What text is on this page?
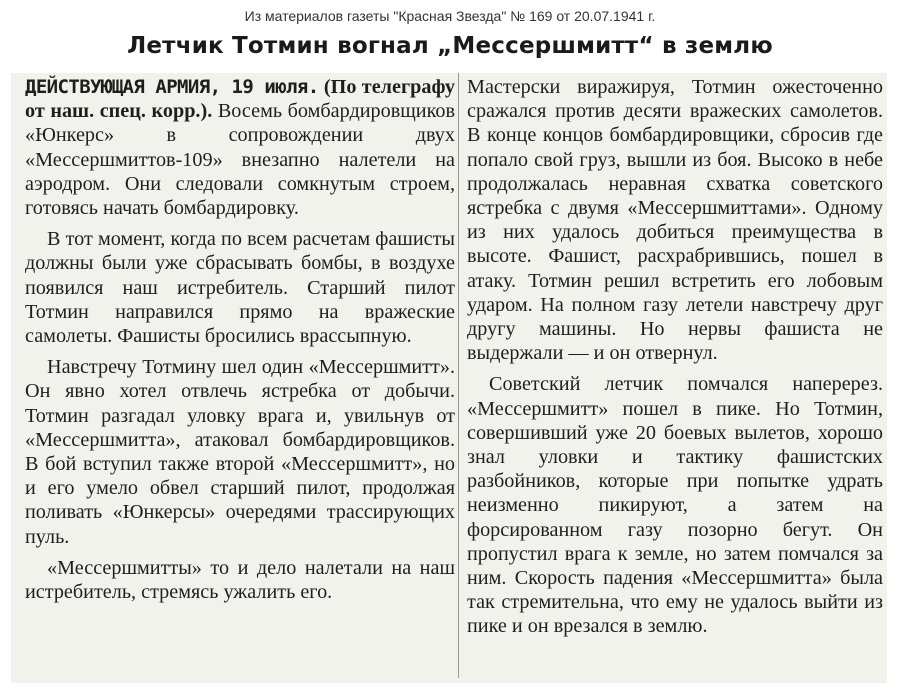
Из материалов газеты "Красная Звезда" № 169 от 20.07.1941 г.
Летчик Тотмин вогнал „Мессершмитт“ в землю

ДЕЙСТВУЮЩАЯ АРМИЯ, 19 июля. (По телеграфу от наш. спец. корр.). Восемь бомбардировщиков «Юнкерс» в сопровождении двух «Мессершмиттов-109» внезапно налетели на аэродром. Они следовали сомкнутым строем, готовясь начать бомбардировку.

В тот момент, когда по всем расчетам фашисты должны были уже сбрасывать бомбы, в воздухе появился наш истребитель. Старший пилот Тотмин направился прямо на вражеские самолеты. Фашисты бросились врассыпную.

Навстречу Тотмину шел один «Мессершмитт». Он явно хотел отвлечь ястребка от добычи. Тотмин разгадал уловку врага и, увильнув от «Мессершмитта», атаковал бомбардировщиков. В бой вступил также второй «Мессершмитт», но и его умело обвел старший пилот, продолжая поливать «Юнкерсы» очередями трассирующих пуль.

«Мессершмитты» то и дело налетали на наш истребитель, стремясь ужалить его.

Мастерски виражируя, Тотмин ожесточенно сражался против десяти вражеских самолетов. В конце концов бомбардировщики, сбросив где попало свой груз, вышли из боя. Высоко в небе продолжалась неравная схватка советского ястребка с двумя «Мессершмиттами». Одному из них удалось добиться преимущества в высоте. Фашист, расхрабрившись, пошел в атаку. Тотмин решил встретить его лобовым ударом. На полном газу летели навстречу друг другу машины. Но нервы фашиста не выдержали — и он отвернул.

Советский летчик помчался наперерез. «Мессершмитт» пошел в пике. Но Тотмин, совершивший уже 20 боевых вылетов, хорошо знал уловки и тактику фашистских разбойников, которые при попытке удрать неизменно пикируют, а затем на форсированном газу позорно бегут. Он пропустил врага к земле, но затем помчался за ним. Скорость падения «Мессершмитта» была так стремительна, что ему не удалось выйти из пике и он врезался в землю.
